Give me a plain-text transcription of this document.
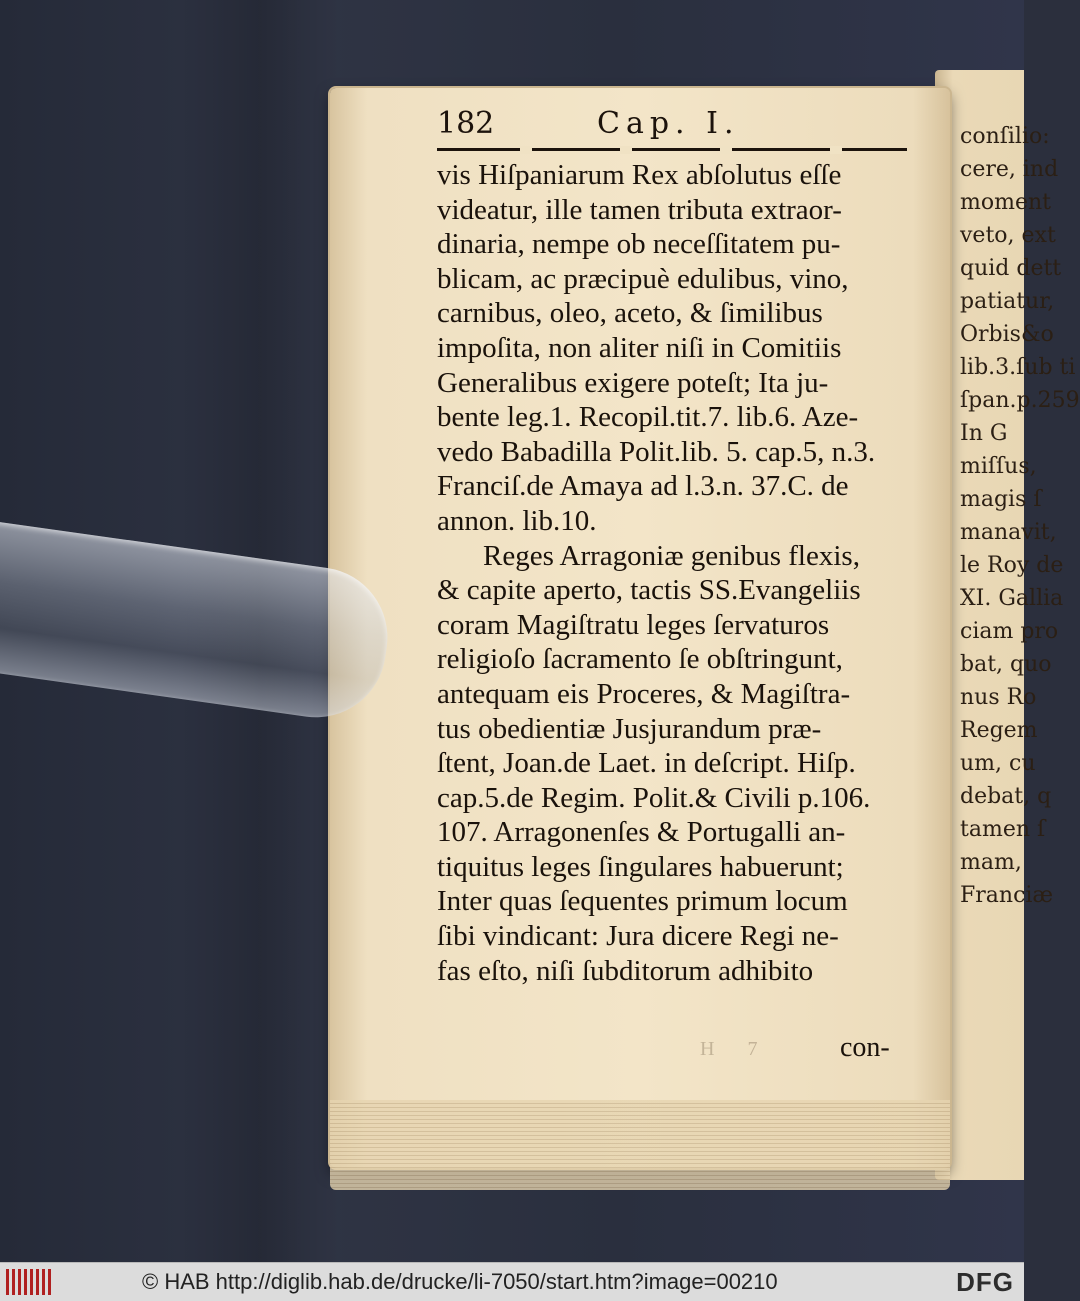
conſilio:
cere, ind
moment
veto, ext
quid dett
patiatur,
Orbis&o
lib.3.ſub ti
ſpan.p.259
In G
miſſus,
magis ſ
manavit,
le Roy de
XI. Gallia
ciam pro
bat, quo
nus Ro
Regem
um, cu
debat, q
tamen ſ
mam,
Franciæ
182	Cap. I.
vis Hiſpaniarum Rex abſolutus eſſe
videatur, ille tamen tributa extraor-
dinaria, nempe ob neceſſitatem pu-
blicam, ac præcipuè edulibus, vino,
carnibus, oleo, aceto, & ſimilibus
impoſita, non aliter niſi in Comitiis
Generalibus exigere poteſt; Ita ju-
bente leg.1. Recopil.tit.7. lib.6. Aze-
vedo Babadilla Polit.lib. 5. cap.5, n.3.
Franciſ.de Amaya ad l.3.n. 37.C. de
annon. lib.10.
Reges Arragoniæ genibus flexis,
& capite aperto, tactis SS.Evangeliis
coram Magiſtratu leges ſervaturos
religioſo ſacramento ſe obſtringunt,
antequam eis Proceres, & Magiſtra-
tus obedientiæ Jusjurandum præ-
ſtent, Joan.de Laet. in deſcript. Hiſp.
cap.5.de Regim. Polit.& Civili p.106.
107. Arragonenſes & Portugalli an-
tiquitus leges ſingulares habuerunt;
Inter quas ſequentes primum locum
ſibi vindicant: Jura dicere Regi ne-
fas eſto, niſi ſubditorum adhibito
H 7 con-
© HAB http://diglib.hab.de/drucke/li-7050/start.htm?image=00210	DFG
